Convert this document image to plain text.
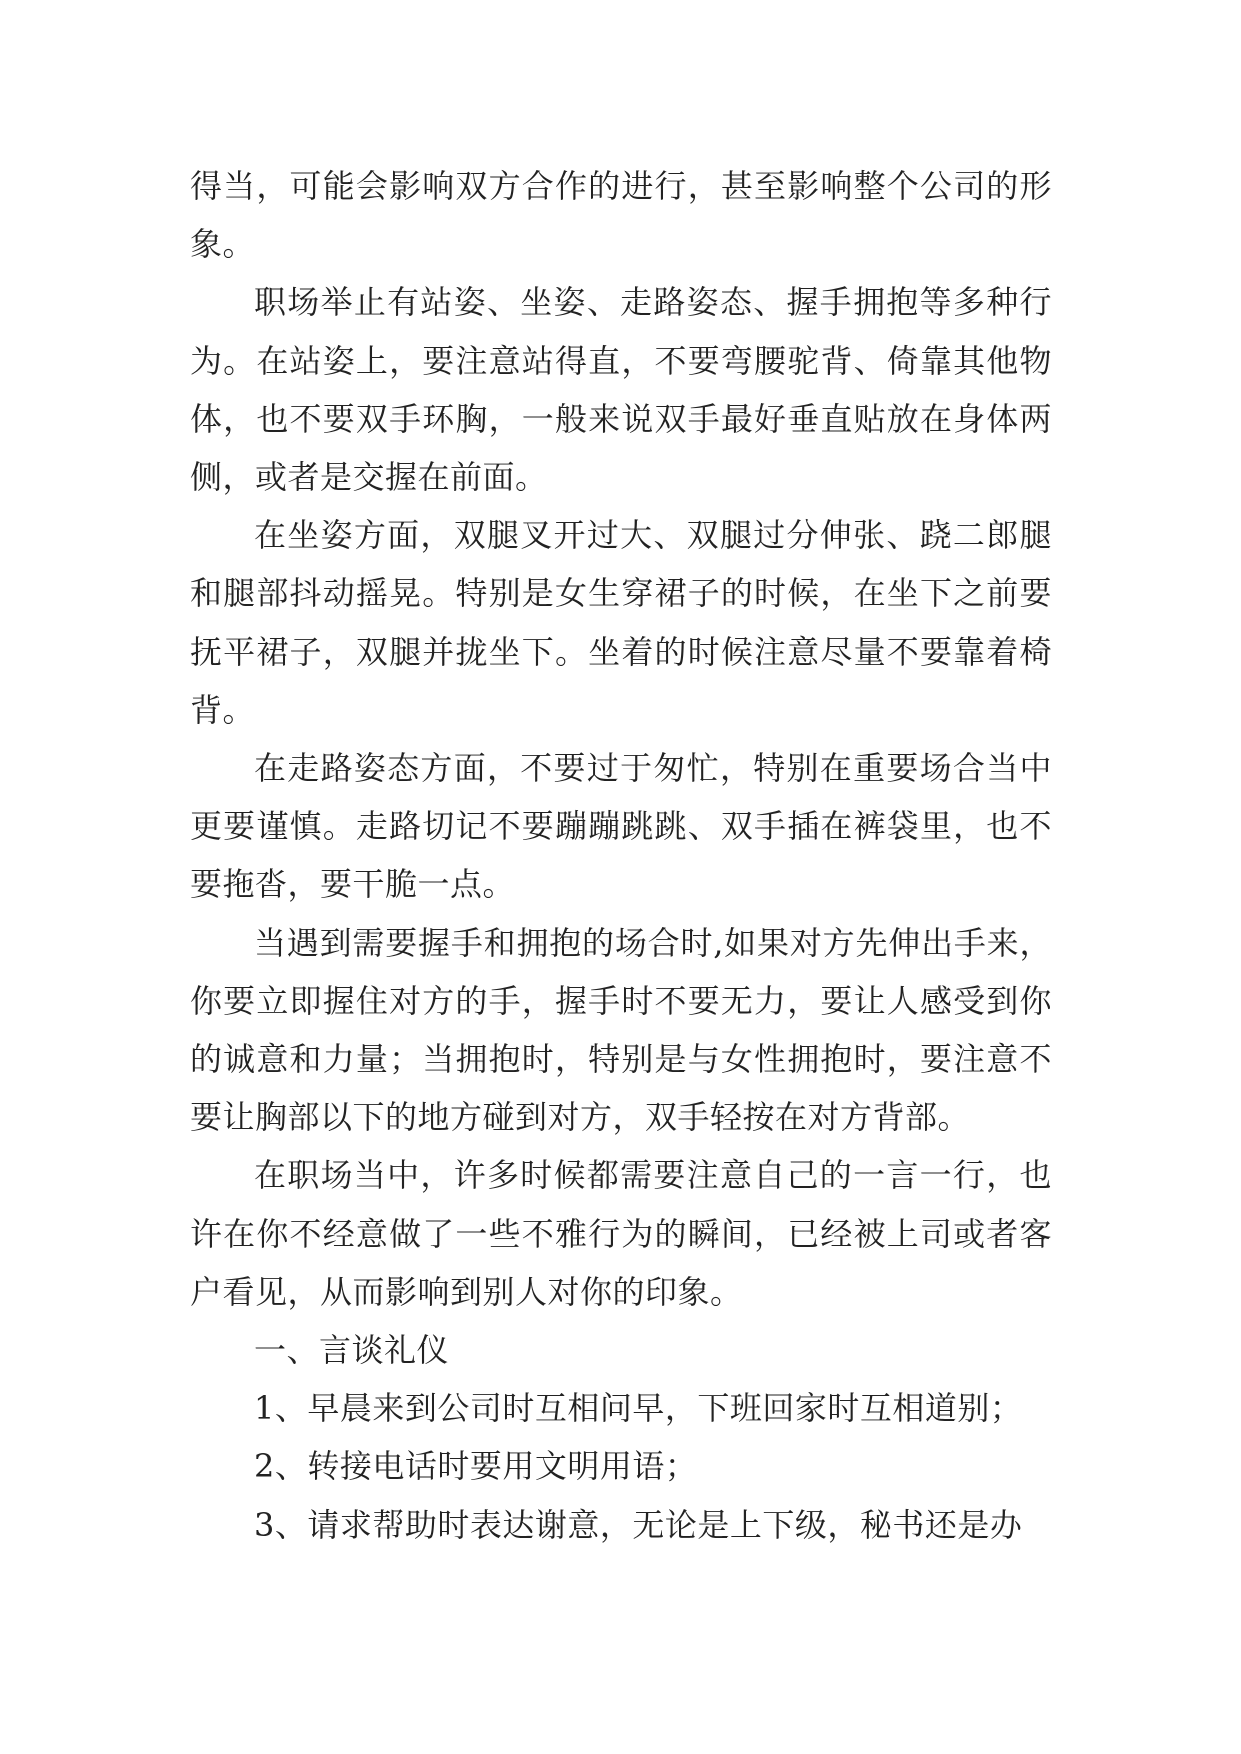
得当，可能会影响双方合作的进行，甚至影响整个公司的形象。

职场举止有站姿、坐姿、走路姿态、握手拥抱等多种行为。在站姿上，要注意站得直，不要弯腰驼背、倚靠其他物体，也不要双手环胸，一般来说双手最好垂直贴放在身体两侧，或者是交握在前面。

在坐姿方面，双腿叉开过大、双腿过分伸张、跷二郎腿和腿部抖动摇晃。特别是女生穿裙子的时候，在坐下之前要抚平裙子，双腿并拢坐下。坐着的时候注意尽量不要靠着椅背。

在走路姿态方面，不要过于匆忙，特别在重要场合当中更要谨慎。走路切记不要蹦蹦跳跳、双手插在裤袋里，也不要拖沓，要干脆一点。

当遇到需要握手和拥抱的场合时,如果对方先伸出手来，你要立即握住对方的手，握手时不要无力，要让人感受到你的诚意和力量；当拥抱时，特别是与女性拥抱时，要注意不要让胸部以下的地方碰到对方，双手轻按在对方背部。

在职场当中，许多时候都需要注意自己的一言一行，也许在你不经意做了一些不雅行为的瞬间，已经被上司或者客户看见，从而影响到别人对你的印象。

一、言谈礼仪

1、早晨来到公司时互相问早，下班回家时互相道别；

2、转接电话时要用文明用语；

3、请求帮助时表达谢意，无论是上下级，秘书还是办
